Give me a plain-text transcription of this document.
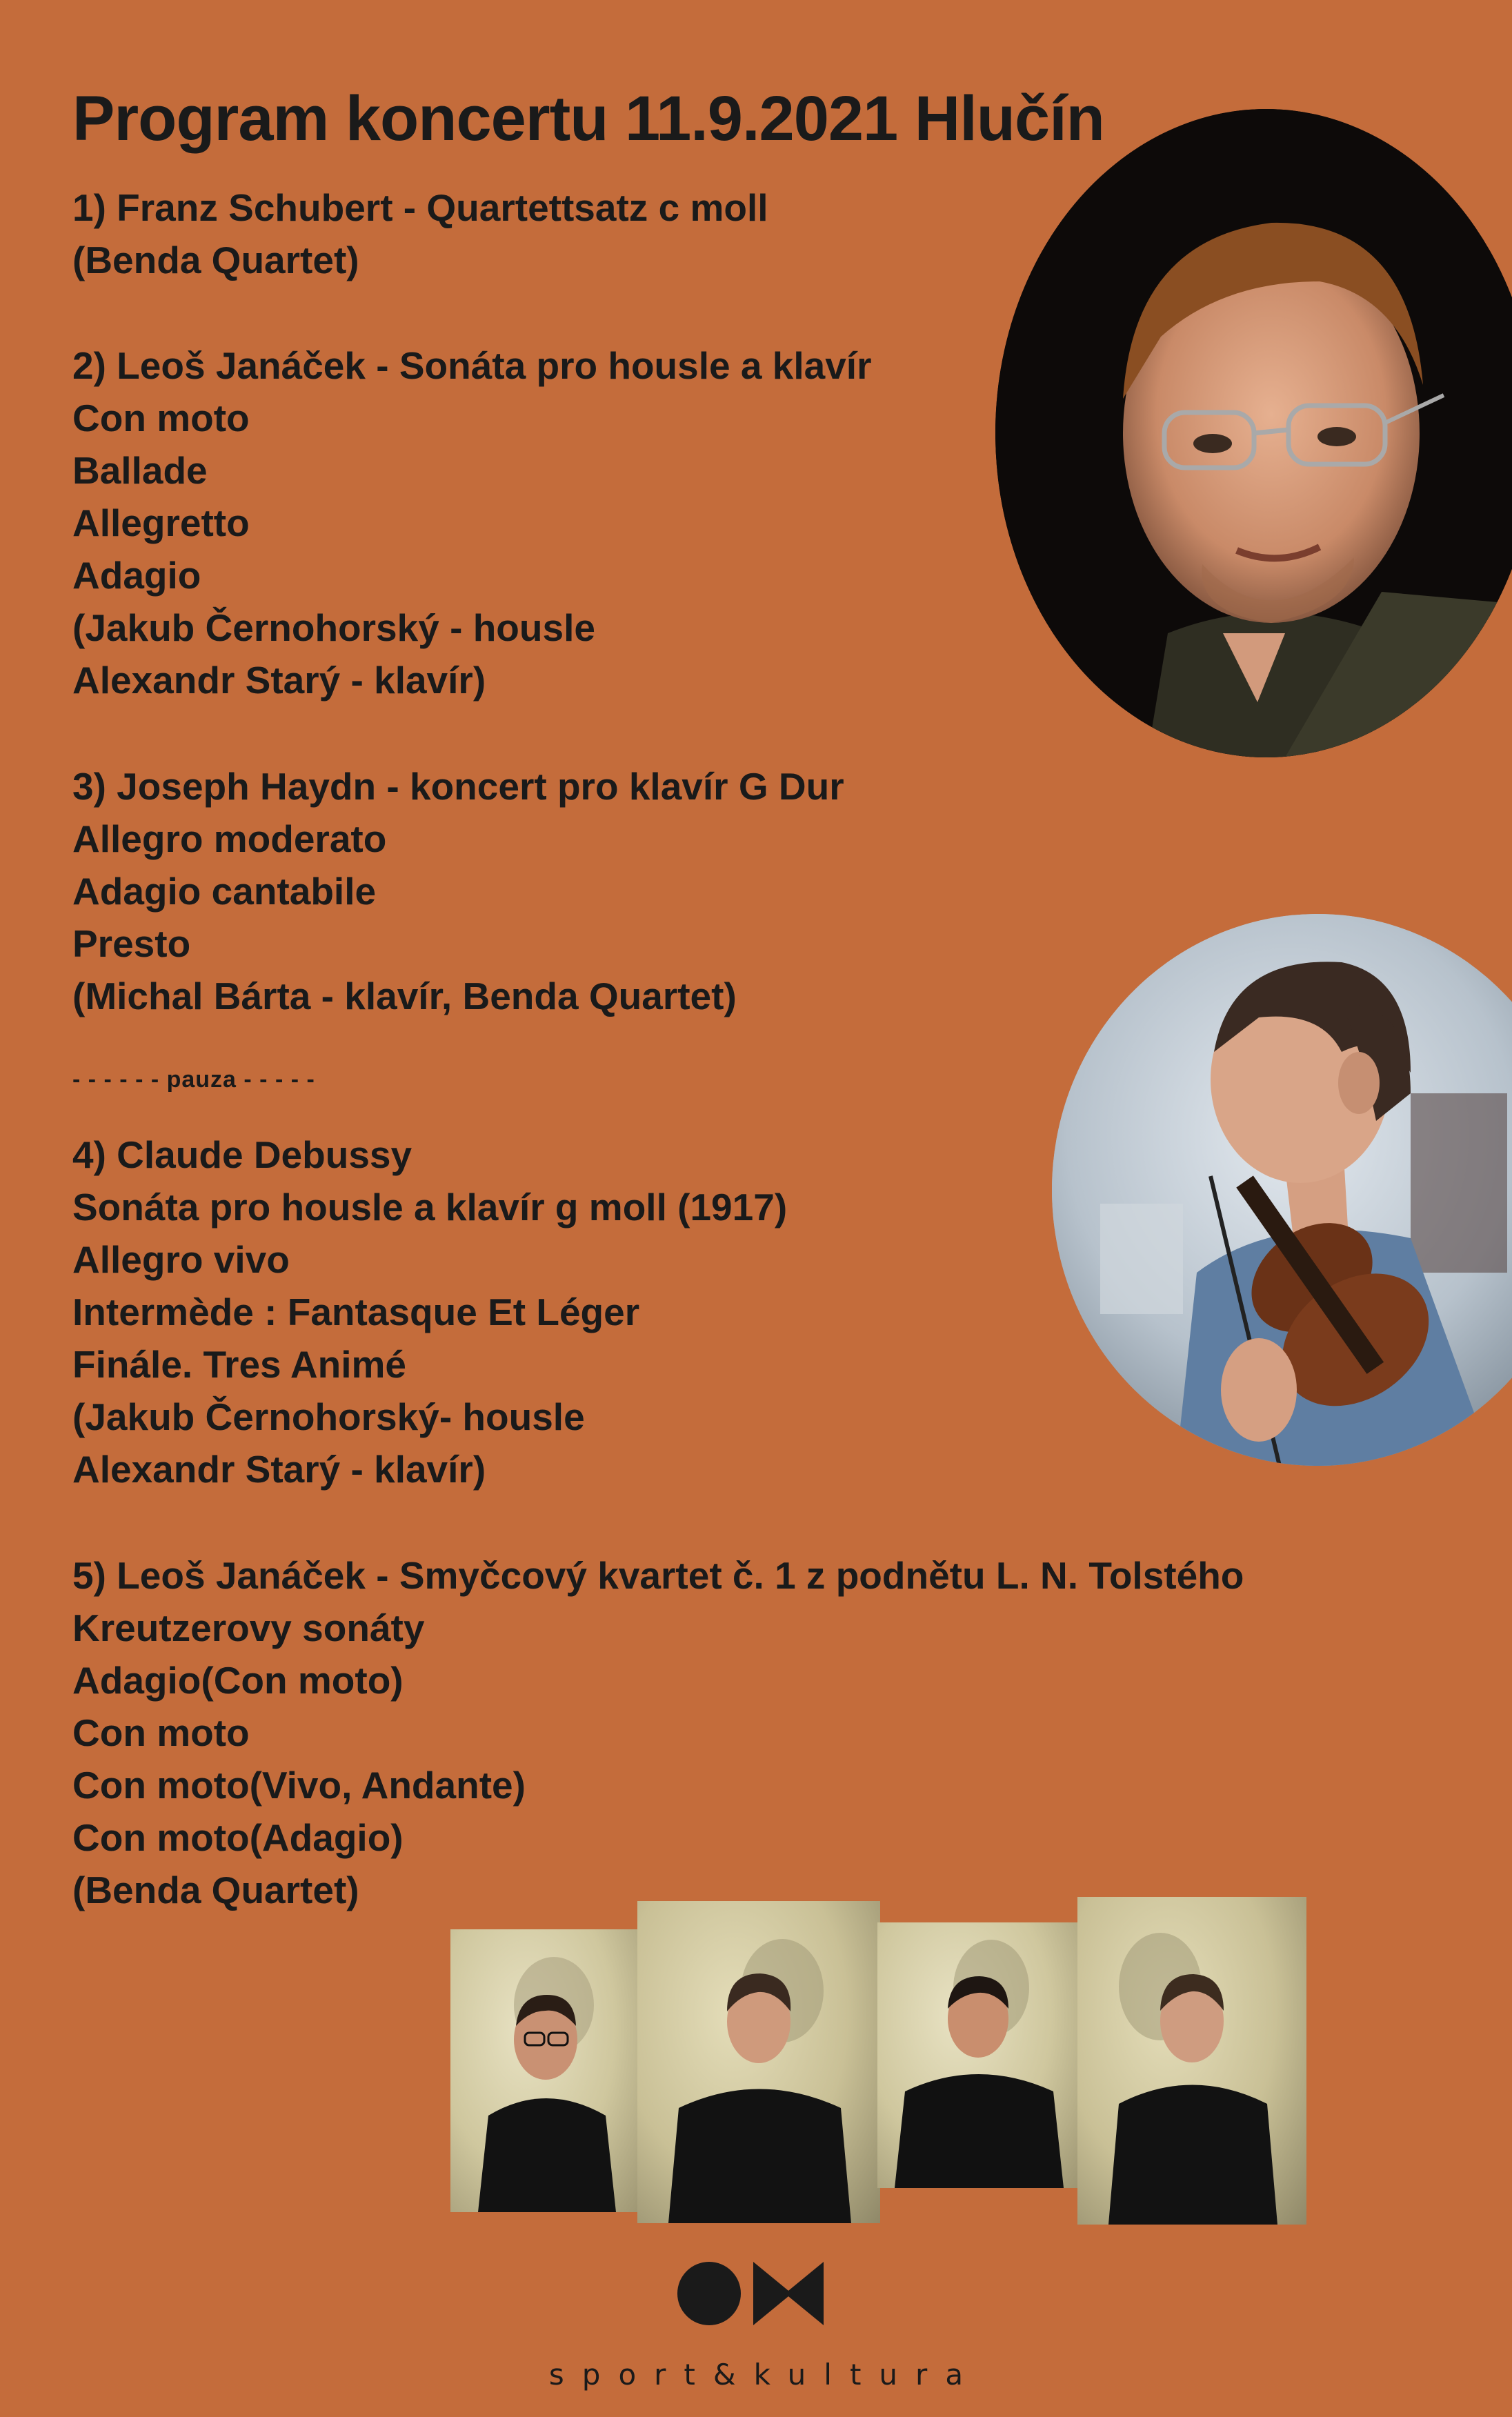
Program koncertu 11.9.2021 Hlučín
1) Franz Schubert - Quartettsatz c moll
(Benda Quartet)
2) Leoš Janáček - Sonáta pro housle a klavír
Con moto
Ballade
Allegretto
Adagio
(Jakub Černohorský - housle
Alexandr Starý - klavír)
3) Joseph Haydn - koncert pro klavír G Dur
Allegro moderato
Adagio cantabile
Presto
(Michal Bárta - klavír, Benda Quartet)
- - - - - - pauza - - - - -
4) Claude Debussy
Sonáta pro housle a klavír g moll (1917)
Allegro vivo
Intermède : Fantasque Et Léger
Finále. Tres Animé
(Jakub Černohorský- housle
Alexandr Starý - klavír)
5) Leoš Janáček - Smyčcový kvartet č. 1 z podnětu L. N. Tolstého
Kreutzerovy sonáty
Adagio(Con moto)
Con moto
Con moto(Vivo, Andante)
Con moto(Adagio)
(Benda Quartet)
sport&kultura
